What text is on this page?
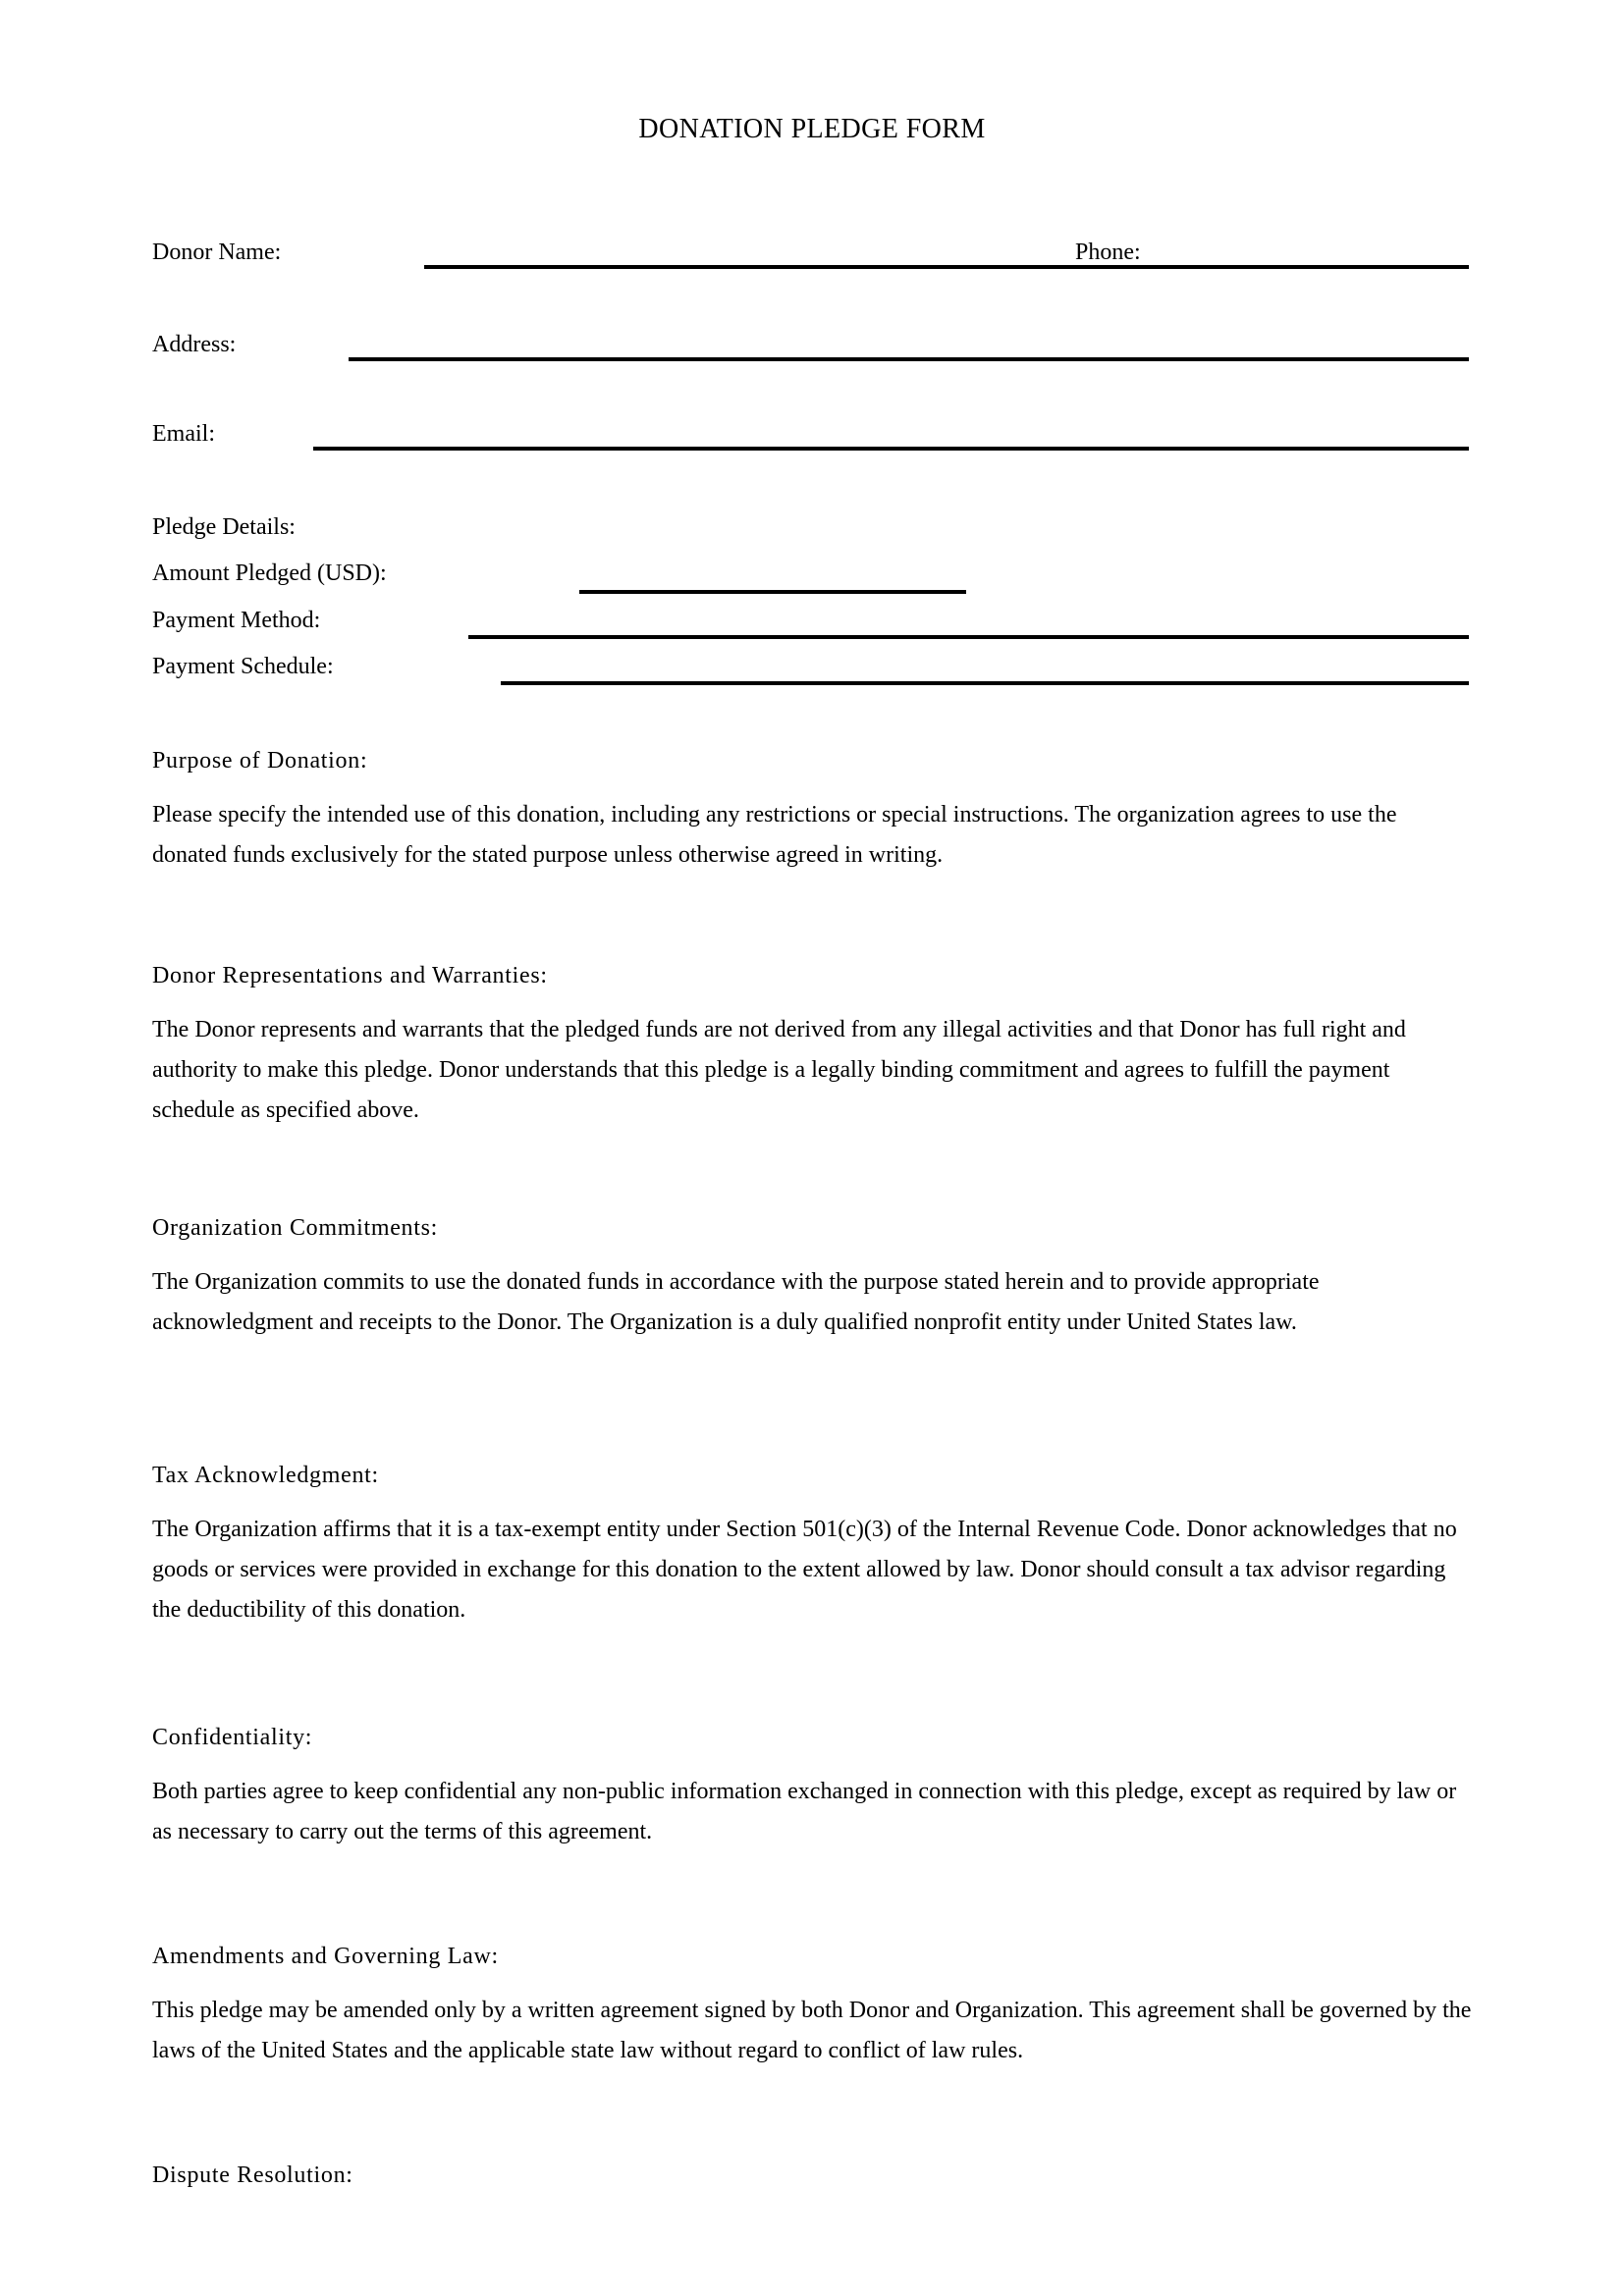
DONATION PLEDGE FORM
Donor Name:	Phone:
Address:
Email:
Pledge Details:
Amount Pledged (USD):
Payment Method:
Payment Schedule:
Purpose of Donation:
Please specify the intended use of this donation, including any restrictions or special instructions. The organization agrees to use the donated funds exclusively for the stated purpose unless otherwise agreed in writing.
Donor Representations and Warranties:
The Donor represents and warrants that the pledged funds are not derived from any illegal activities and that Donor has full right and authority to make this pledge. Donor understands that this pledge is a legally binding commitment and agrees to fulfill the payment schedule as specified above.
Organization Commitments:
The Organization commits to use the donated funds in accordance with the purpose stated herein and to provide appropriate acknowledgment and receipts to the Donor. The Organization is a duly qualified nonprofit entity under United States law.
Tax Acknowledgment:
The Organization affirms that it is a tax-exempt entity under Section 501(c)(3) of the Internal Revenue Code. Donor acknowledges that no goods or services were provided in exchange for this donation to the extent allowed by law. Donor should consult a tax advisor regarding the deductibility of this donation.
Confidentiality:
Both parties agree to keep confidential any non-public information exchanged in connection with this pledge, except as required by law or as necessary to carry out the terms of this agreement.
Amendments and Governing Law:
This pledge may be amended only by a written agreement signed by both Donor and Organization. This agreement shall be governed by the laws of the United States and the applicable state law without regard to conflict of law rules.
Dispute Resolution:
